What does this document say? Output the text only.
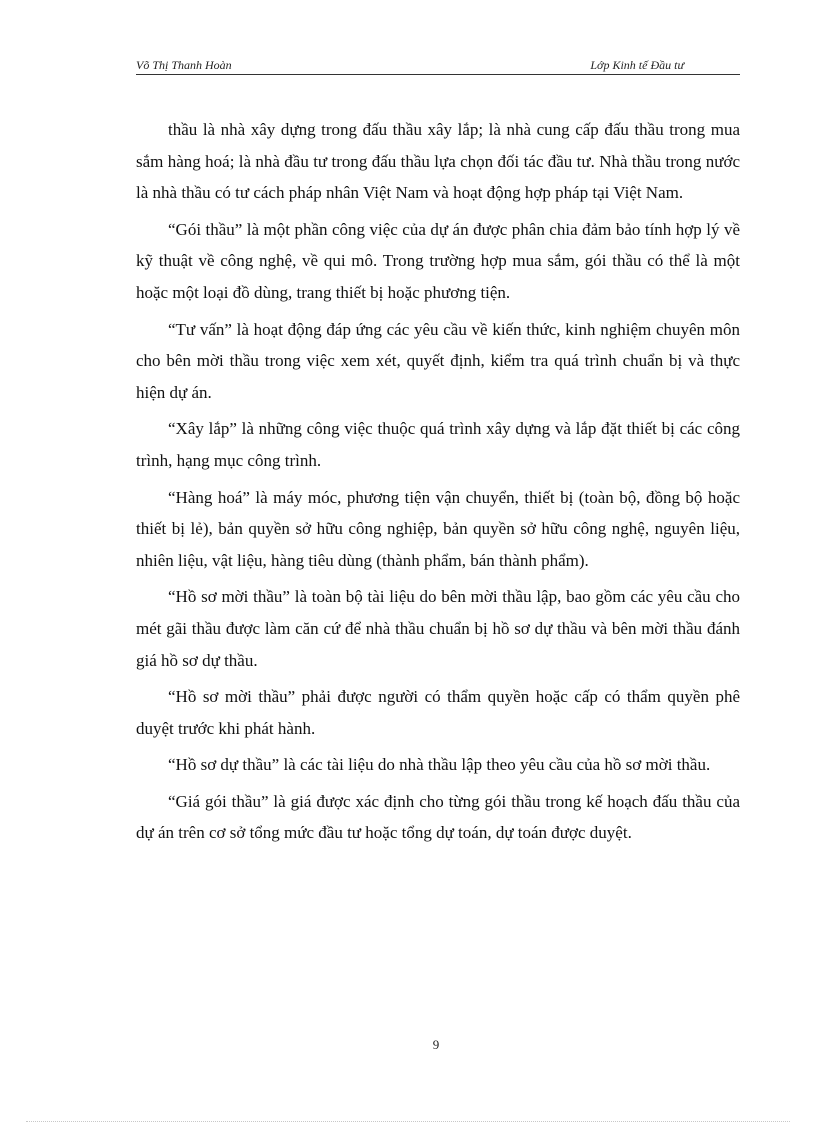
Võ Thị Thanh Hoàn	Lớp Kinh tế Đầu tư

thầu là nhà xây dựng trong đấu thầu xây lắp; là nhà cung cấp đấu thầu trong mua sắm hàng hoá; là nhà đầu tư trong đấu thầu lựa chọn đối tác đầu tư. Nhà thầu trong nước là nhà thầu có tư cách pháp nhân Việt Nam và hoạt động hợp pháp tại Việt Nam.

“Gói thầu” là một phần công việc của dự án được phân chia đảm bảo tính hợp lý về kỹ thuật về công nghệ, về qui mô. Trong trường hợp mua sắm, gói thầu có thể là một hoặc một loại đồ dùng, trang thiết bị hoặc phương tiện.

“Tư vấn” là hoạt động đáp ứng các yêu cầu về kiến thức, kinh nghiệm chuyên môn cho bên mời thầu trong việc xem xét, quyết định, kiểm tra quá trình chuẩn bị và thực hiện dự án.

“Xây lắp” là những công việc thuộc quá trình xây dựng và lắp đặt thiết bị các công trình, hạng mục công trình.

“Hàng hoá” là máy móc, phương tiện vận chuyển, thiết bị (toàn bộ, đồng bộ hoặc thiết bị lẻ), bản quyền sở hữu công nghiệp, bản quyền sở hữu công nghệ, nguyên liệu, nhiên liệu, vật liệu, hàng tiêu dùng (thành phẩm, bán thành phẩm).

“Hồ sơ mời thầu” là toàn bộ tài liệu do bên mời thầu lập, bao gồm các yêu cầu cho mét gãi thầu được làm căn cứ để nhà thầu chuẩn bị hồ sơ dự thầu và bên mời thầu đánh giá hồ sơ dự thầu.

“Hồ sơ mời thầu” phải được người có thẩm quyền hoặc cấp có thẩm quyền phê duyệt trước khi phát hành.

“Hồ sơ dự thầu” là các tài liệu do nhà thầu lập theo yêu cầu của hồ sơ mời thầu.

“Giá gói thầu” là giá được xác định cho từng gói thầu trong kế hoạch đấu thầu của dự án trên cơ sở tổng mức đầu tư hoặc tổng dự toán, dự toán được duyệt.

9
